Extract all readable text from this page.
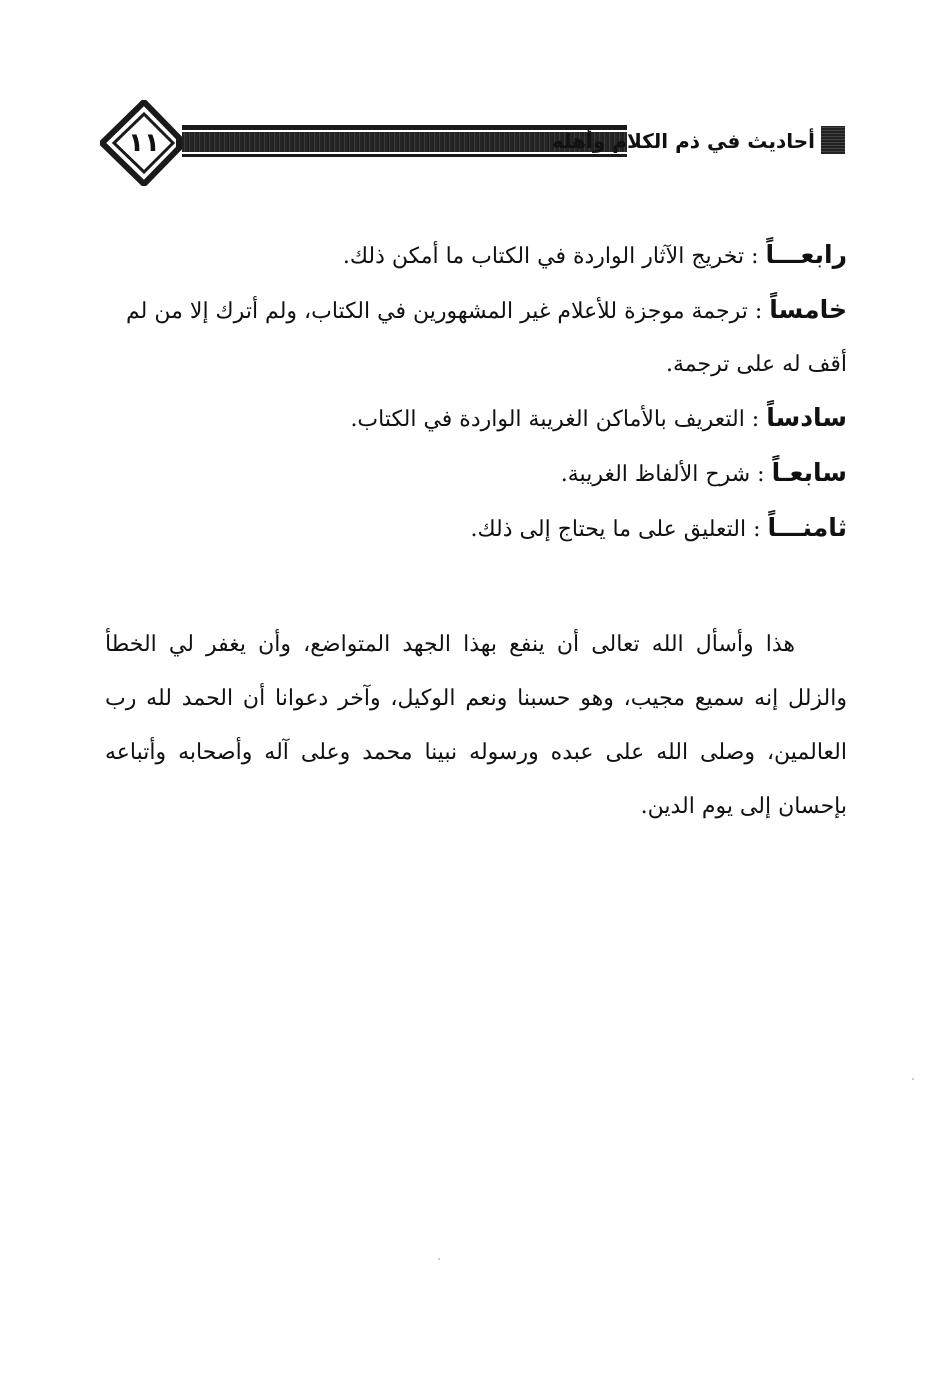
١١	أحاديث في ذم الكلام وأهله

رابعـــاً : تخريج الآثار الواردة في الكتاب ما أمكن ذلك.

خامساً : ترجمة موجزة للأعلام غير المشهورين في الكتاب، ولم أترك إلا من لم أقف له على ترجمة.

سادساً : التعريف بالأماكن الغريبة الواردة في الكتاب.

سابعـاً : شرح الألفاظ الغريبة.

ثامنـــاً : التعليق على ما يحتاج إلى ذلك.

هذا وأسأل الله تعالى أن ينفع بهذا الجهد المتواضع، وأن يغفر لي الخطأ والزلل إنه سميع مجيب، وهو حسبنا ونعم الوكيل، وآخر دعوانا أن الحمد لله رب العالمين، وصلى الله على عبده ورسوله نبينا محمد وعلى آله وأصحابه وأتباعه بإحسان إلى يوم الدين.
